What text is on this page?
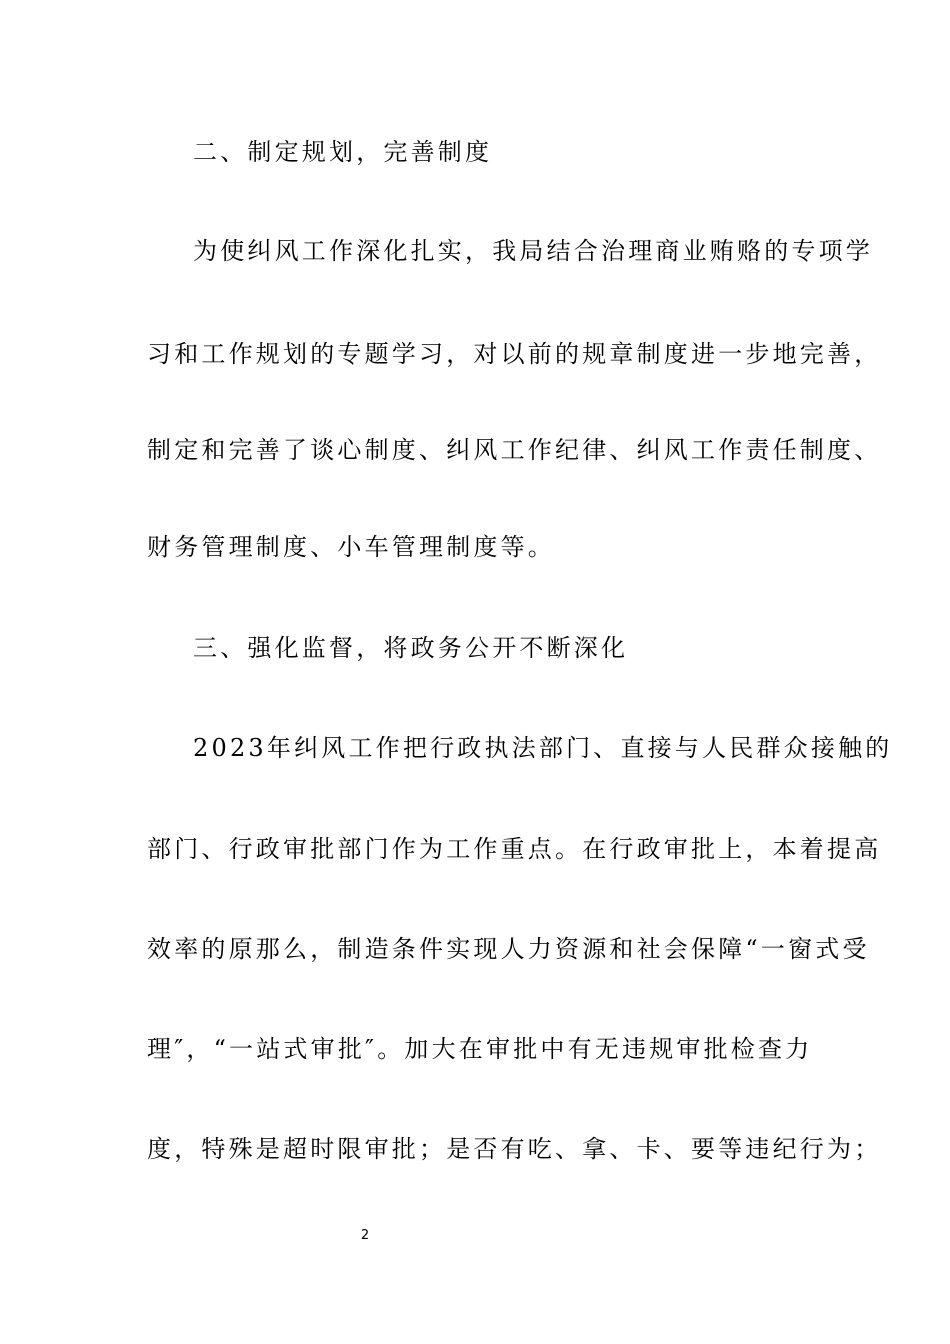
二、制定规划，完善制度
为使纠风工作深化扎实，我局结合治理商业贿赂的专项学
习和工作规划的专题学习，对以前的规章制度进一步地完善，
制定和完善了谈心制度、纠风工作纪律、纠风工作责任制度、
财务管理制度、小车管理制度等。
三、强化监督，将政务公开不断深化
2023年纠风工作把行政执法部门、直接与人民群众接触的
部门、行政审批部门作为工作重点。在行政审批上，本着提高
效率的原那么，制造条件实现人力资源和社会保障“一窗式受
理″，“一站式审批″。加大在审批中有无违规审批检查力
度，特殊是超时限审批；是否有吃、拿、卡、要等违纪行为；
2
